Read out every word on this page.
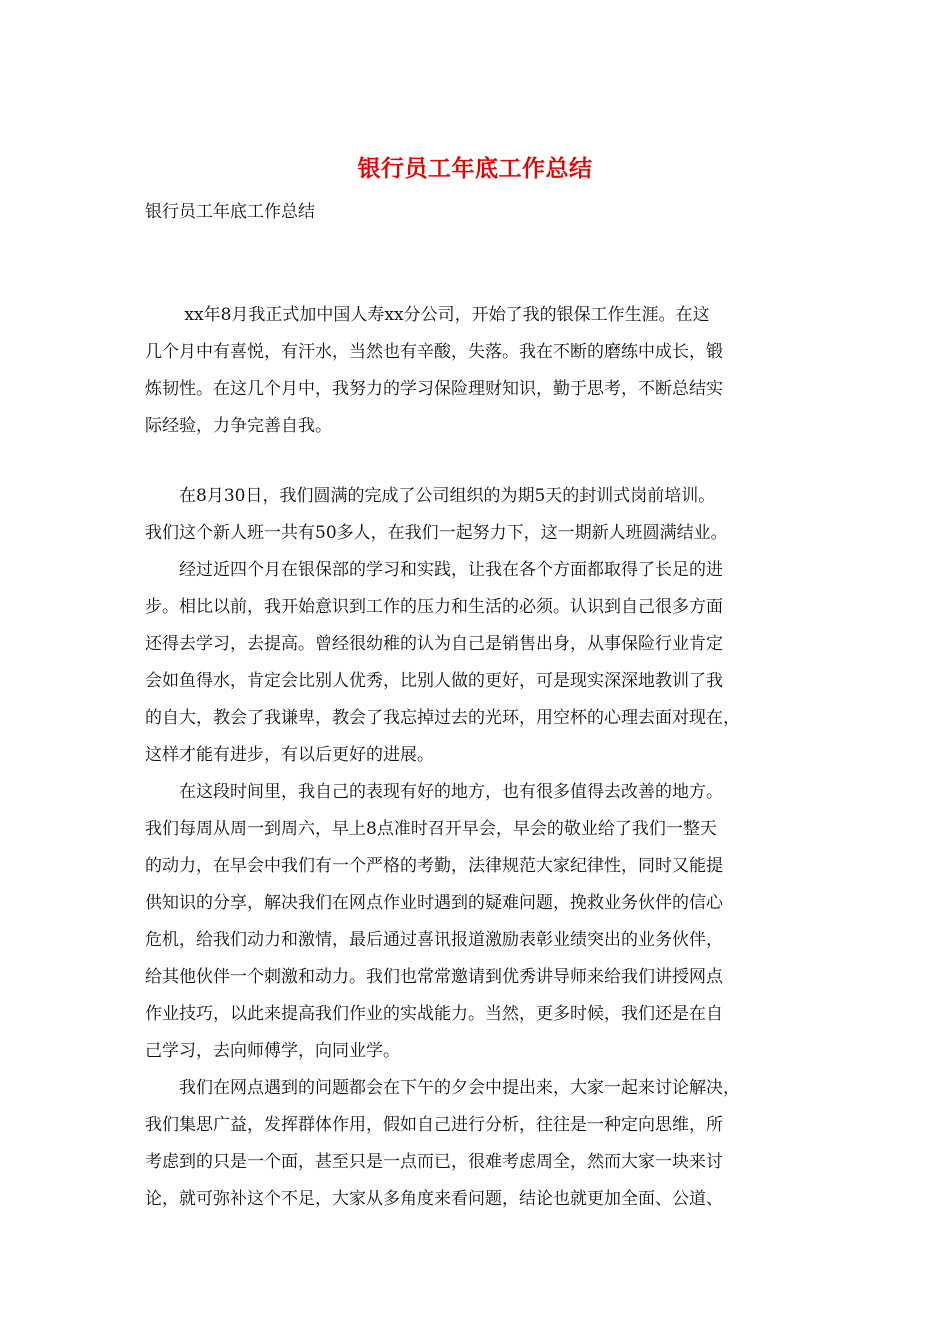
银行员工年底工作总结
银行员工年底工作总结
　　 xx年8月我正式加中国人寿xx分公司，开始了我的银保工作生涯。在这
几个月中有喜悦，有汗水，当然也有辛酸，失落。我在不断的磨练中成长，锻
炼韧性。在这几个月中，我努力的学习保险理财知识，勤于思考，不断总结实
际经验，力争完善自我。
　　在8月30日，我们圆满的完成了公司组织的为期5天的封训式岗前培训。
我们这个新人班一共有50多人，在我们一起努力下，这一期新人班圆满结业。
　　经过近四个月在银保部的学习和实践，让我在各个方面都取得了长足的进
步。相比以前，我开始意识到工作的压力和生活的必须。认识到自己很多方面
还得去学习，去提高。曾经很幼稚的认为自己是销售出身，从事保险行业肯定
会如鱼得水，肯定会比别人优秀，比别人做的更好，可是现实深深地教训了我
的自大，教会了我谦卑，教会了我忘掉过去的光环，用空杯的心理去面对现在，
这样才能有进步，有以后更好的进展。
　　在这段时间里，我自己的表现有好的地方，也有很多值得去改善的地方。
我们每周从周一到周六，早上8点准时召开早会，早会的敬业给了我们一整天
的动力，在早会中我们有一个严格的考勤，法律规范大家纪律性，同时又能提
供知识的分享，解决我们在网点作业时遇到的疑难问题，挽救业务伙伴的信心
危机，给我们动力和激情，最后通过喜讯报道激励表彰业绩突出的业务伙伴，
给其他伙伴一个刺激和动力。我们也常常邀请到优秀讲导师来给我们讲授网点
作业技巧，以此来提高我们作业的实战能力。当然，更多时候，我们还是在自
己学习，去向师傅学，向同业学。
　　我们在网点遇到的问题都会在下午的夕会中提出来，大家一起来讨论解决，
我们集思广益，发挥群体作用，假如自己进行分析，往往是一种定向思维，所
考虑到的只是一个面，甚至只是一点而已，很难考虑周全，然而大家一块来讨
论，就可弥补这个不足，大家从多角度来看问题，结论也就更加全面、公道、
